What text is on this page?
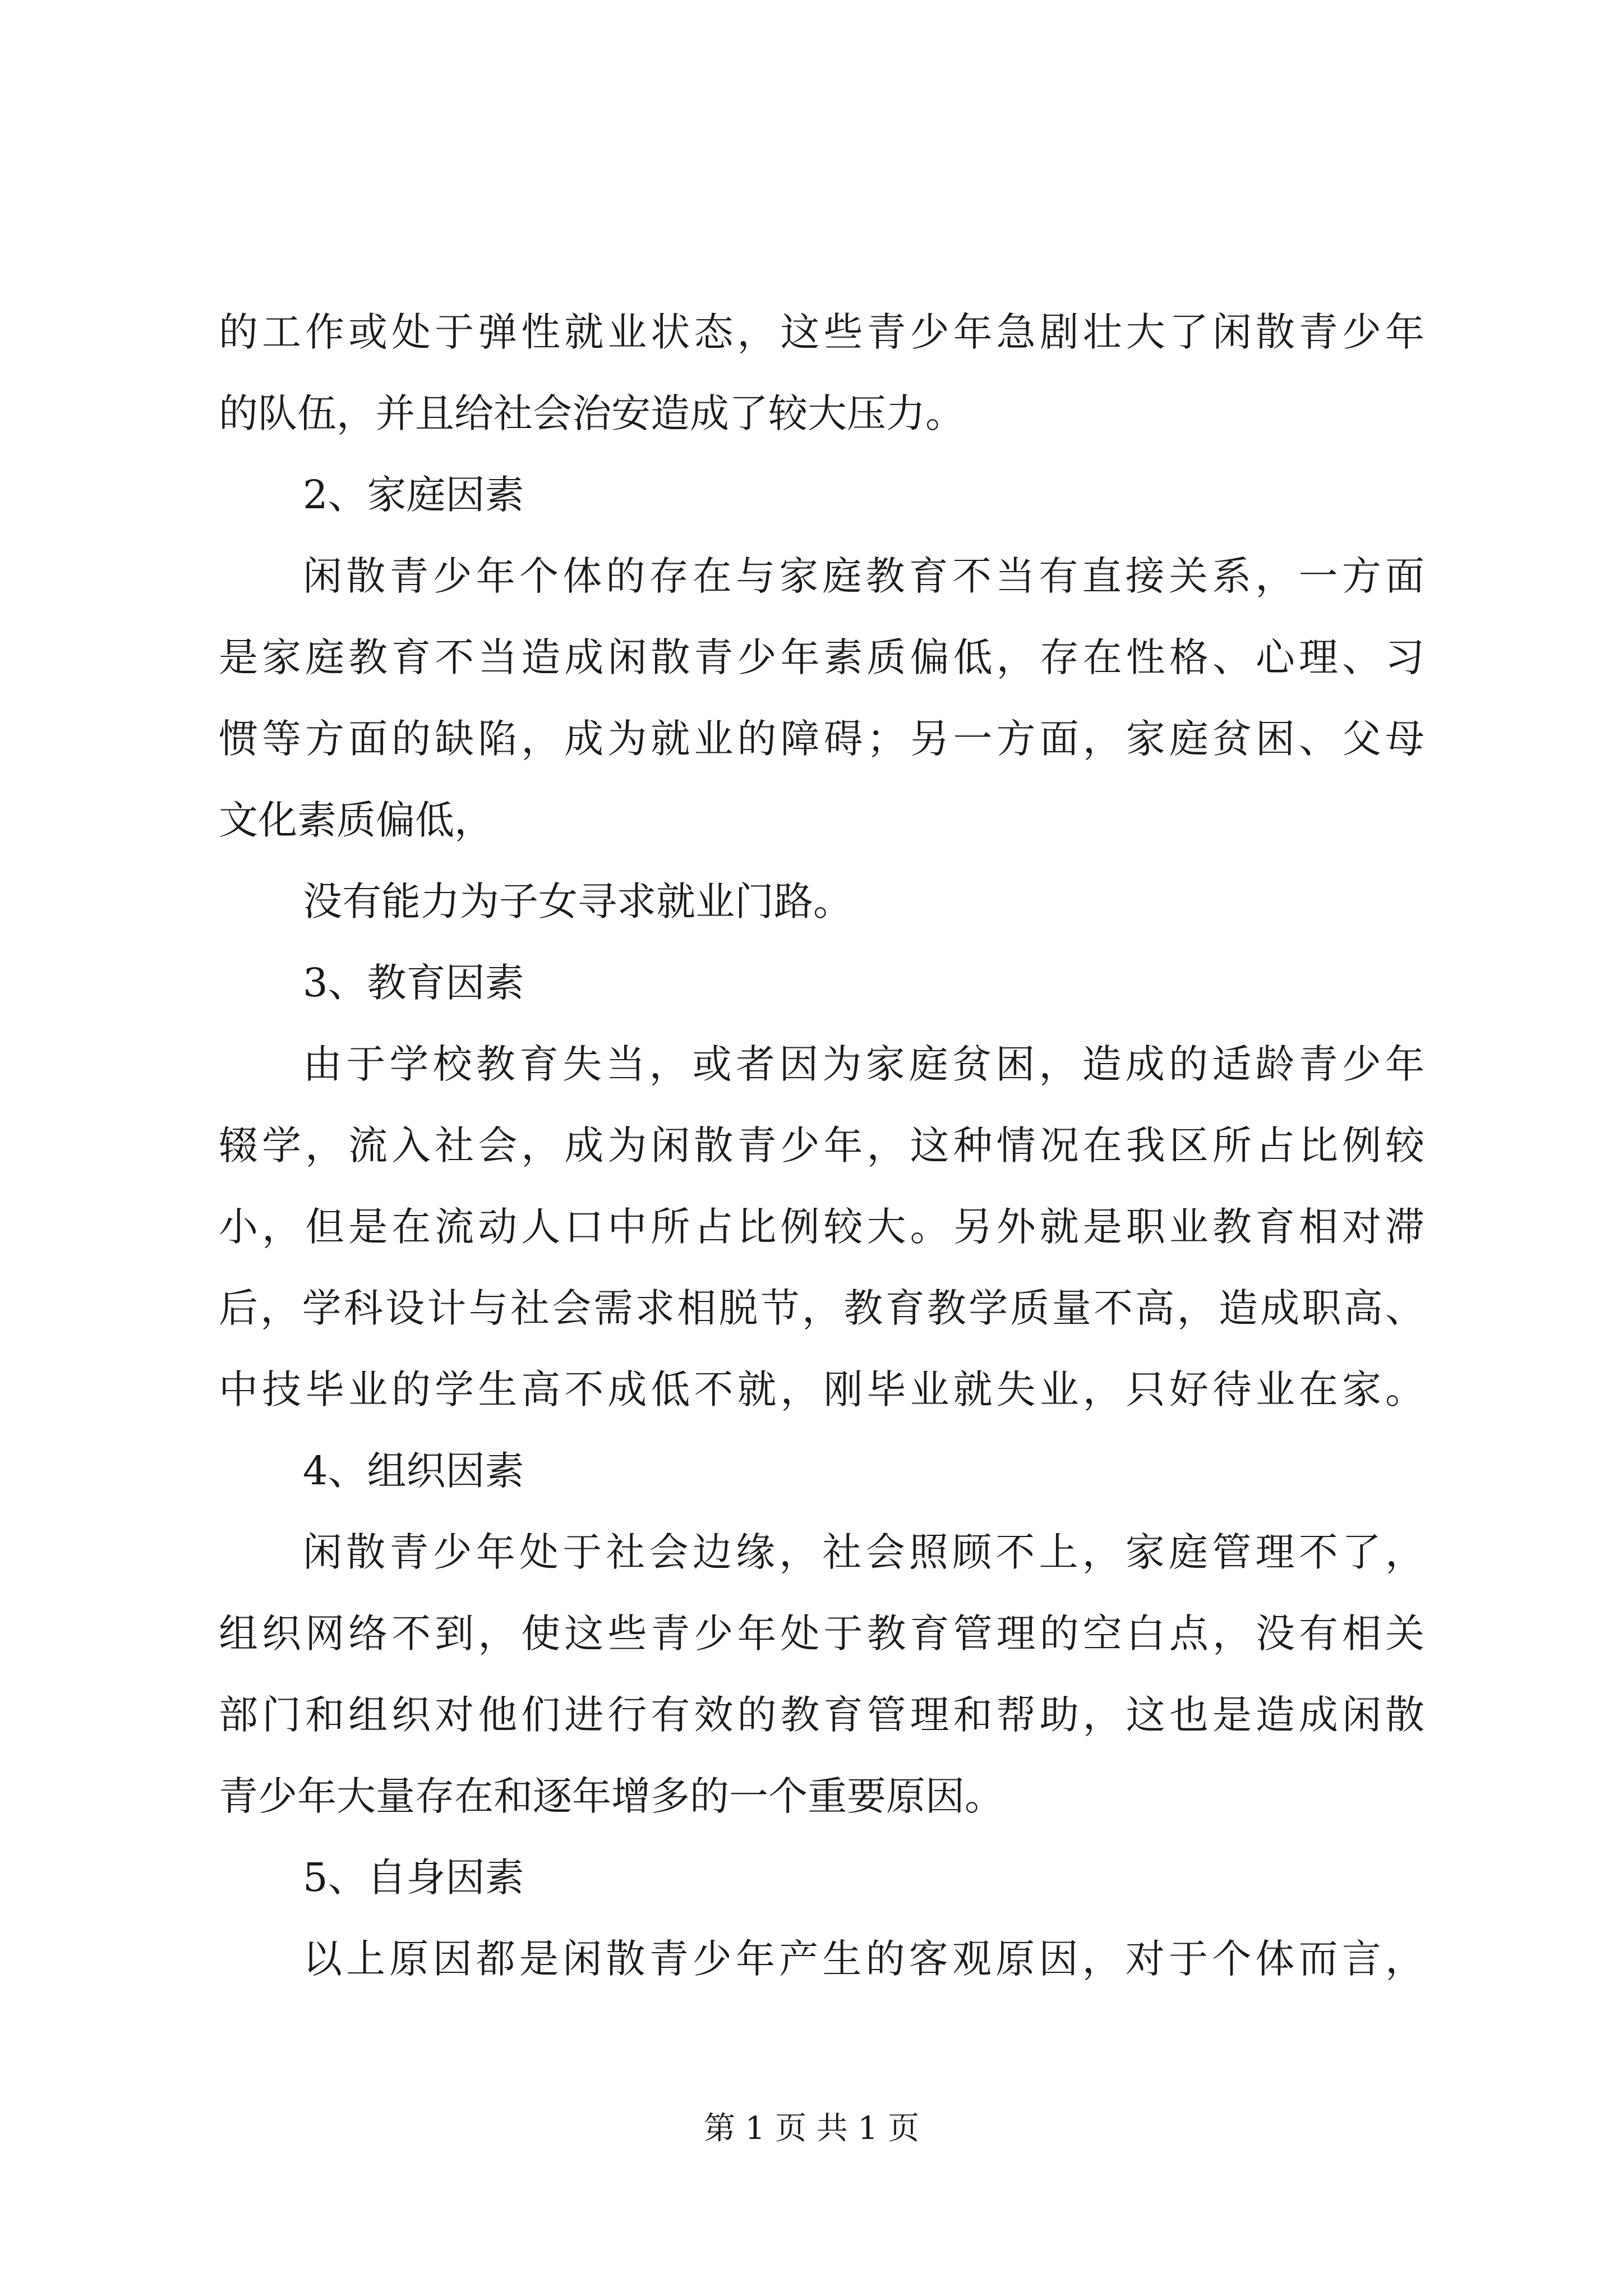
的工作或处于弹性就业状态，这些青少年急剧壮大了闲散青少年
的队伍，并且给社会治安造成了较大压力。
2、家庭因素
闲散青少年个体的存在与家庭教育不当有直接关系，一方面
是家庭教育不当造成闲散青少年素质偏低，存在性格、心理、习
惯等方面的缺陷，成为就业的障碍；另一方面，家庭贫困、父母
文化素质偏低，
没有能力为子女寻求就业门路。
3、教育因素
由于学校教育失当，或者因为家庭贫困，造成的适龄青少年
辍学，流入社会，成为闲散青少年，这种情况在我区所占比例较
小，但是在流动人口中所占比例较大。另外就是职业教育相对滞
后，学科设计与社会需求相脱节，教育教学质量不高，造成职高、
中技毕业的学生高不成低不就，刚毕业就失业，只好待业在家。
4、组织因素
闲散青少年处于社会边缘，社会照顾不上，家庭管理不了，
组织网络不到，使这些青少年处于教育管理的空白点，没有相关
部门和组织对他们进行有效的教育管理和帮助，这也是造成闲散
青少年大量存在和逐年增多的一个重要原因。
5、自身因素
以上原因都是闲散青少年产生的客观原因，对于个体而言，
第 1 页 共 1 页
